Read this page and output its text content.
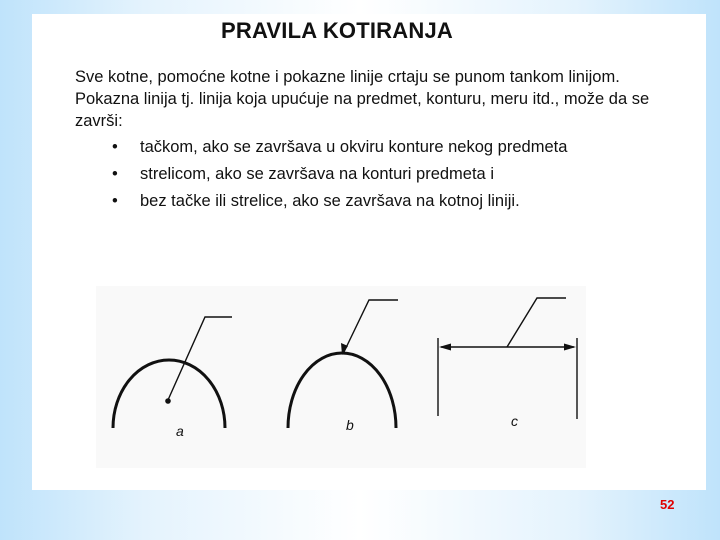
PRAVILA KOTIRANJA

Sve kotne, pomoćne kotne i pokazne linije crtaju se punom tankom linijom.

Pokazna linija tj. linija koja upućuje na predmet, konturu, meru itd., može da se završi:

• tačkom, ako se završava u okviru konture nekog predmeta
• strelicom, ako se završava na konturi predmeta i
• bez tačke ili strelice, ako se završava na kotnoj liniji.
a	b	c
52
